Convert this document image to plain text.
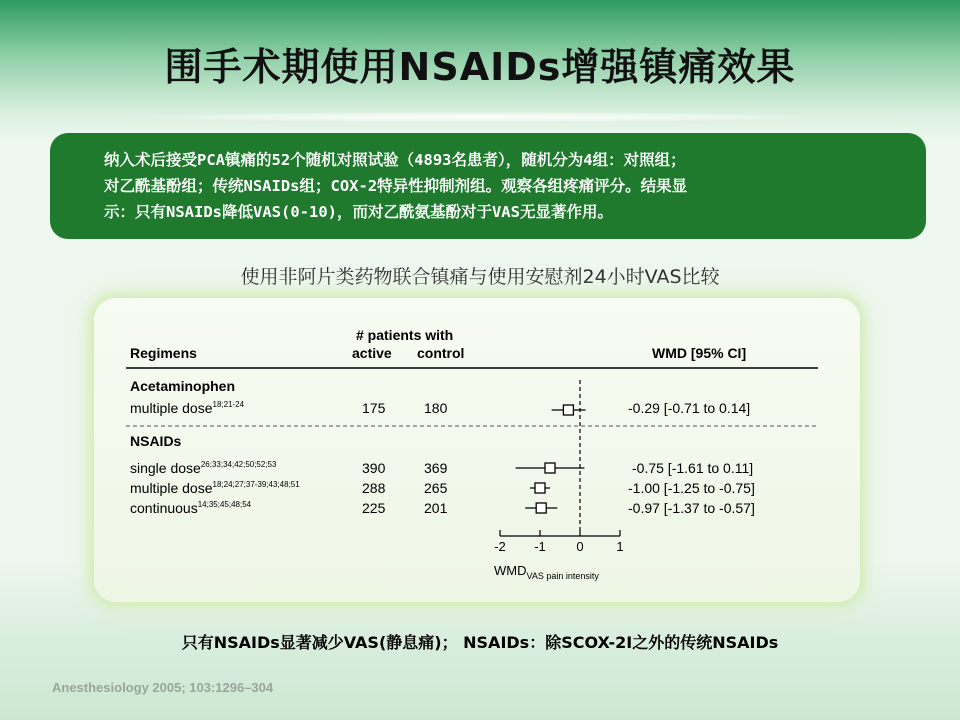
围手术期使用NSAIDs增强镇痛效果
纳入术后接受PCA镇痛的52个随机对照试验（4893名患者），随机分为4组：对照组；
对乙酰基酚组；传统NSAIDs组；COX-2特异性抑制剂组。观察各组疼痛评分。结果显
示：只有NSAIDs降低VAS(0-10)，而对乙酰氨基酚对于VAS无显著作用。
使用非阿片类药物联合镇痛与使用安慰剂24小时VAS比较
# patients with
Regimens	active control	WMD [95% CI]
Acetaminophen
multiple dose$^{18;21-24}$	175	180	-0.29 [-0.71 to 0.14]
NSAIDs
single dose$^{26;33;34;42;50;52;53}$	390	369	-0.75 [-1.61 to 0.11]
multiple dose$^{18;24;27;37-39;43;48;51}$	288	265	-1.00 [-1.25 to -0.75]
continuous$^{14;35;45;48;54}$	225	201	-0.97 [-1.37 to -0.57]
-2 -1 0	1
$WMD_{VAS pain intensity}$
只有NSAIDs显著减少VAS(静息痛)； NSAIDs：除SCOX-2I之外的传统NSAIDs
Anesthesiology 2005; 103:1296–304
